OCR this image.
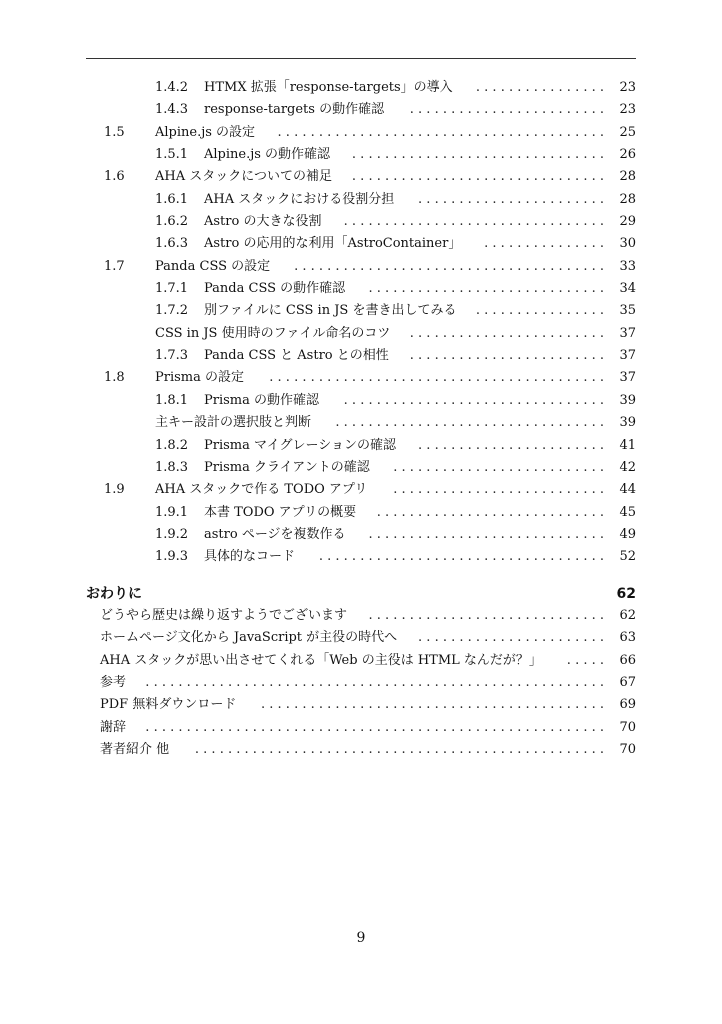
1.4.2	HTMX 拡張「response-targets」の導入	. . . . . . . . . . . . . . . .	23
1.4.3	response-targets の動作確認	. . . . . . . . . . . . . . . . . . . . . . . .	23
1.5	Alpine.js の設定	. . . . . . . . . . . . . . . . . . . . . . . . . . . . . . . . . . . . . . . .	25
1.5.1	Alpine.js の動作確認	. . . . . . . . . . . . . . . . . . . . . . . . . . . . . . .	26
1.6	AHA スタックについての補足	. . . . . . . . . . . . . . . . . . . . . . . . . . . . . . .	28
1.6.1	AHA スタックにおける役割分担	. . . . . . . . . . . . . . . . . . . . . . .	28
1.6.2	Astro の大きな役割	. . . . . . . . . . . . . . . . . . . . . . . . . . . . . . . .	29
1.6.3	Astro の応用的な利用「AstroContainer」	. . . . . . . . . . . . . . .	30
1.7	Panda CSS の設定	. . . . . . . . . . . . . . . . . . . . . . . . . . . . . . . . . . . . . .	33
1.7.1	Panda CSS の動作確認	. . . . . . . . . . . . . . . . . . . . . . . . . . . . .	34
1.7.2	別ファイルに CSS in JS を書き出してみる	. . . . . . . . . . . . . . . .	35
CSS in JS 使用時のファイル命名のコツ	. . . . . . . . . . . . . . . . . . . . . . . .	37
1.7.3	Panda CSS と Astro との相性	. . . . . . . . . . . . . . . . . . . . . . . .	37
1.8	Prisma の設定	. . . . . . . . . . . . . . . . . . . . . . . . . . . . . . . . . . . . . . . . .	37
1.8.1	Prisma の動作確認	. . . . . . . . . . . . . . . . . . . . . . . . . . . . . . . .	39
主キー設計の選択肢と判断	. . . . . . . . . . . . . . . . . . . . . . . . . . . . . . . . .	39
1.8.2	Prisma マイグレーションの確認	. . . . . . . . . . . . . . . . . . . . . . .	41
1.8.3	Prisma クライアントの確認	. . . . . . . . . . . . . . . . . . . . . . . . . .	42
1.9	AHA スタックで作る TODO アプリ	. . . . . . . . . . . . . . . . . . . . . . . . . .	44
1.9.1	本書 TODO アプリの概要	. . . . . . . . . . . . . . . . . . . . . . . . . . . .	45
1.9.2	astro ページを複数作る	. . . . . . . . . . . . . . . . . . . . . . . . . . . . .	49
1.9.3	具体的なコード	. . . . . . . . . . . . . . . . . . . . . . . . . . . . . . . . . . .	52
おわりに	62
どうやら歴史は繰り返すようでございます	. . . . . . . . . . . . . . . . . . . . . . . . . . . . .	62
ホームページ文化から JavaScript が主役の時代へ	. . . . . . . . . . . . . . . . . . . . . . .	63
AHA スタックが思い出させてくれる「Web の主役は HTML なんだが？」	. . . . .	66
参考	. . . . . . . . . . . . . . . . . . . . . . . . . . . . . . . . . . . . . . . . . . . . . . . . . . . . . . . .	67
PDF 無料ダウンロード	. . . . . . . . . . . . . . . . . . . . . . . . . . . . . . . . . . . . . . . . . .	69
謝辞	. . . . . . . . . . . . . . . . . . . . . . . . . . . . . . . . . . . . . . . . . . . . . . . . . . . . . . . .	70
著者紹介 他	. . . . . . . . . . . . . . . . . . . . . . . . . . . . . . . . . . . . . . . . . . . . . . . . . .	70
9
